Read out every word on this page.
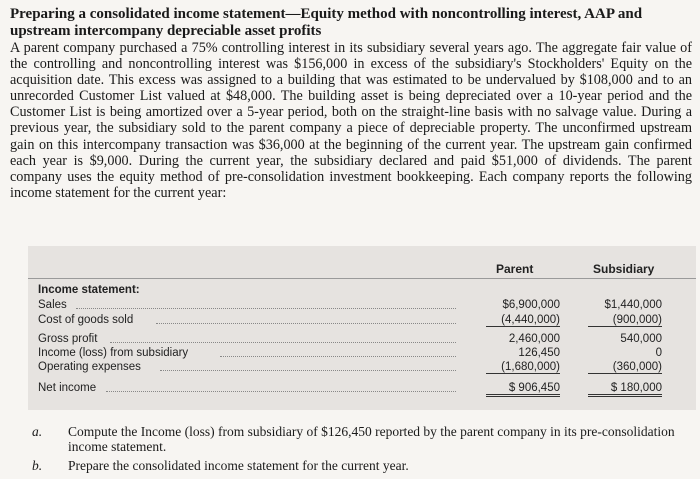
Preparing a consolidated income statement—Equity method with noncontrolling interest, AAP and upstream intercompany depreciable asset profits

A parent company purchased a 75% controlling interest in its subsidiary several years ago. The aggregate fair value of the controlling and noncontrolling interest was $156,000 in excess of the subsidiary's Stockholders' Equity on the acquisition date. This excess was assigned to a building that was estimated to be undervalued by $108,000 and to an unrecorded Customer List valued at $48,000. The building asset is being depreciated over a 10-year period and the Customer List is being amortized over a 5-year period, both on the straight-line basis with no salvage value. During a previous year, the subsidiary sold to the parent company a piece of depreciable property. The unconfirmed upstream gain on this intercompany transaction was $36,000 at the beginning of the current year. The upstream gain confirmed each year is $9,000. During the current year, the subsidiary declared and paid $51,000 of dividends. The parent company uses the equity method of pre-consolidation investment bookkeeping. Each company reports the following income statement for the current year:

Parent	Subsidiary
Income statement:
Sales	$6,900,000	$1,440,000
Cost of goods sold	(4,440,000)	(900,000)
Gross profit	2,460,000	540,000
Income (loss) from subsidiary	126,450	0
Operating expenses	(1,680,000)	(360,000)
Net income	$ 906,450	$ 180,000
a. Compute the Income (loss) from subsidiary of $126,450 reported by the parent company in its pre-consolidation income statement.
b. Prepare the consolidated income statement for the current year.
